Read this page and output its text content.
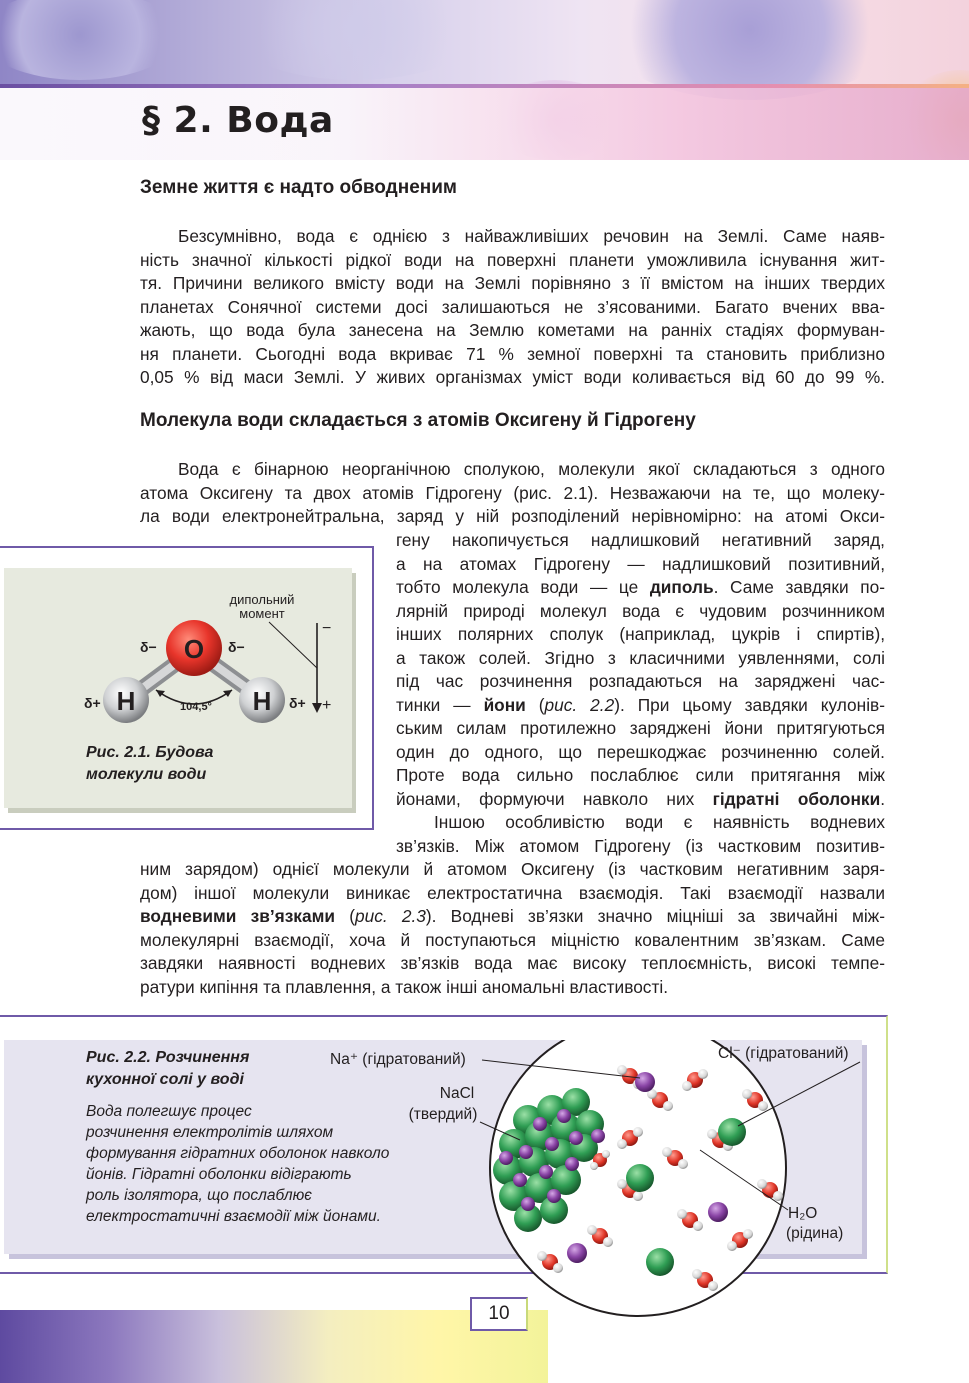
§ 2. Вода
Земне життя є надто обводненим
Безсумнівно, вода є однією з найважливіших речовин на Землі. Саме наяв-
ність значної кількості рідкої води на поверхні планети уможливила існування жит-
тя. Причини великого вмісту води на Землі порівняно з її вмістом на інших твердих
планетах Сонячної системи досі залишаються не з’ясованими. Багато вчених вва-
жають, що вода була занесена на Землю кометами на ранніх стадіях формуван-
ня планети. Сьогодні вода вкриває 71 % земної поверхні та становить приблизно
0,05 % від маси Землі. У живих організмах уміст води коливається від 60 до 99 %.
Молекула води складається з атомів Оксигену й Гідрогену
Вода є бінарною неорганічною сполукою, молекули якої складаються з одного
атома Оксигену та двох атомів Гідрогену (рис. 2.1). Незважаючи на те, що молеку-
ла води електронейтральна, заряд у ній розподілений нерівномірно: на атомі Окси-
гену накопичується надлишковий негативний заряд,
а на атомах Гідрогену — надлишковий позитивний,
тобто молекула води — це диполь. Саме завдяки по-
лярній природі молекул вода є чудовим розчинником
інших полярних сполук (наприклад, цукрів і спиртів),
а також солей. Згідно з класичними уявленнями, солі
під час розчинення розпадаються на заряджені час-
тинки — йони (рис. 2.2). При цьому завдяки кулонів-
ським силам протилежно заряджені йони притягуються
один до одного, що перешкоджає розчиненню солей.
Проте вода сильно послаблює сили притягання між
йонами, формуючи навколо них гідратні оболонки.
Іншою особливістю води є наявність водневих
зв’язків. Між атомом Гідрогену (із частковим позитив-
ним зарядом) однієї молекули й атомом Оксигену (із частковим негативним заря-
дом) іншої молекули виникає електростатична взаємодія. Такі взаємодії назвали
водневими зв’язками (рис. 2.3). Водневі зв’язки значно міцніші за звичайні між-
молекулярні взаємодії, хоча й поступаються міцністю ковалентним зв’язкам. Саме
завдяки наявності водневих зв’язків вода має високу теплоємність, високі темпе-
ратури кипіння та плавлення, а також інші аномальні властивості.
O
H	H
δ−	δ−
δ+	δ+
104,5°
дипольний
момент
−
+
Рис. 2.1. Будова
молекули води
Рис. 2.2. Розчинення
кухонної солі у воді
Вода полегшує процес
розчинення електролітів шляхом
формування гідратних оболонок навколо
йонів. Гідратні оболонки відіграють
роль ізолятора, що послаблює
електростатичні взаємодії між йонами.
Na⁺ (гідратований)	Cl⁻ (гідратований)
NaCl
(твердий)
H₂O
(рідина)
10
